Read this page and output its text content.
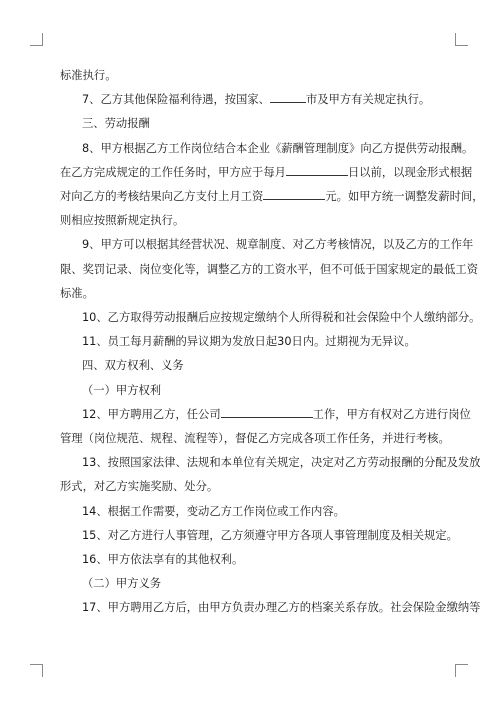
标准执行。

7、乙方其他保险福利待遇，按国家、	市及甲方有关规定执行。

三、劳动报酬

8、甲方根据乙方工作岗位结合本企业《薪酬管理制度》向乙方提供劳动报酬。

在乙方完成规定的工作任务时，甲方应于每月	日以前，以现金形式根据

对向乙方的考核结果向乙方支付上月工资	元。如甲方统一调整发薪时间，

则相应按照新规定执行。

9、甲方可以根据其经营状况、规章制度、对乙方考核情况，以及乙方的工作年

限、奖罚记录、岗位变化等，调整乙方的工资水平，但不可低于国家规定的最低工资

标准。

10、乙方取得劳动报酬后应按规定缴纳个人所得税和社会保险中个人缴纳部分。

11、员工每月薪酬的异议期为发放日起30日内。过期视为无异议。

四、双方权利、义务

（一）甲方权利

12、甲方聘用乙方，任公司	工作，甲方有权对乙方进行岗位

管理（岗位规范、规程、流程等），督促乙方完成各项工作任务，并进行考核。

13、按照国家法律、法规和本单位有关规定，决定对乙方劳动报酬的分配及发放

形式，对乙方实施奖励、处分。

14、根据工作需要，变动乙方工作岗位或工作内容。

15、对乙方进行人事管理，乙方须遵守甲方各项人事管理制度及相关规定。

16、甲方依法享有的其他权利。

（二）甲方义务

17、甲方聘用乙方后，由甲方负责办理乙方的档案关系存放。社会保险金缴纳等
